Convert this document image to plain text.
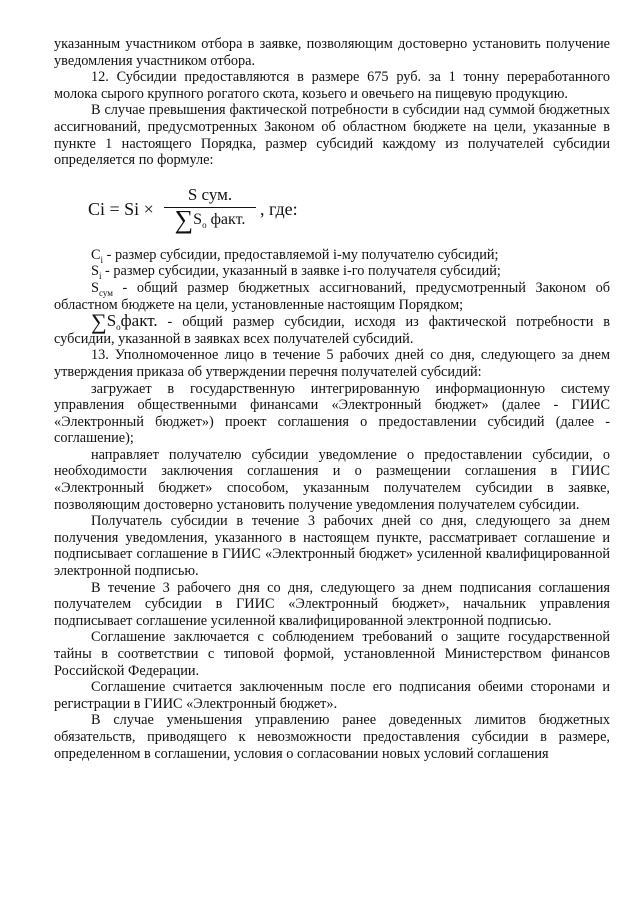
указанным участником отбора в заявке, позволяющим достоверно установить получение уведомления участником отбора.

12. Субсидии предоставляются в размере 675 руб. за 1 тонну переработанного молока сырого крупного рогатого скота, козьего и овечьего на пищевую продукцию.

В случае превышения фактической потребности в субсидии над суммой бюджетных ассигнований, предусмотренных Законом об областном бюджете на цели, указанные в пункте 1 настоящего Порядка, размер субсидий каждому из получателей субсидии определяется по формуле:

Ci = Si ×
S сум.
$\sum S_o$ факт.
, где:

$C_i$ - размер субсидии, предоставляемой i-му получателю субсидий;

$S_i$ - размер субсидии, указанный в заявке i-го получателя субсидий;

$S_{сум}$ - общий размер бюджетных ассигнований, предусмотренный Законом об областном бюджете на цели, установленные настоящим Порядком;

$\sum S_oфакт$. - общий размер субсидии, исходя из фактической потребности в субсидии, указанной в заявках всех получателей субсидий.

13. Уполномоченное лицо в течение 5 рабочих дней со дня, следующего за днем утверждения приказа об утверждении перечня получателей субсидий:

загружает в государственную интегрированную информационную систему управления общественными финансами «Электронный бюджет» (далее - ГИИС «Электронный бюджет») проект соглашения о предоставлении субсидий (далее - соглашение);

направляет получателю субсидии уведомление о предоставлении субсидии, о необходимости заключения соглашения и о размещении соглашения в ГИИС «Электронный бюджет» способом, указанным получателем субсидии в заявке, позволяющим достоверно установить получение уведомления получателем субсидии.

Получатель субсидии в течение 3 рабочих дней со дня, следующего за днем получения уведомления, указанного в настоящем пункте, рассматривает соглашение и подписывает соглашение в ГИИС «Электронный бюджет» усиленной квалифицированной электронной подписью.

В течение 3 рабочего дня со дня, следующего за днем подписания соглашения получателем субсидии в ГИИС «Электронный бюджет», начальник управления подписывает соглашение усиленной квалифицированной электронной подписью.

Соглашение заключается с соблюдением требований о защите государственной тайны в соответствии с типовой формой, установленной Министерством финансов Российской Федерации.

Соглашение считается заключенным после его подписания обеими сторонами и регистрации в ГИИС «Электронный бюджет».

В случае уменьшения управлению ранее доведенных лимитов бюджетных обязательств, приводящего к невозможности предоставления субсидии в размере, определенном в соглашении, условия о согласовании новых условий соглашения
